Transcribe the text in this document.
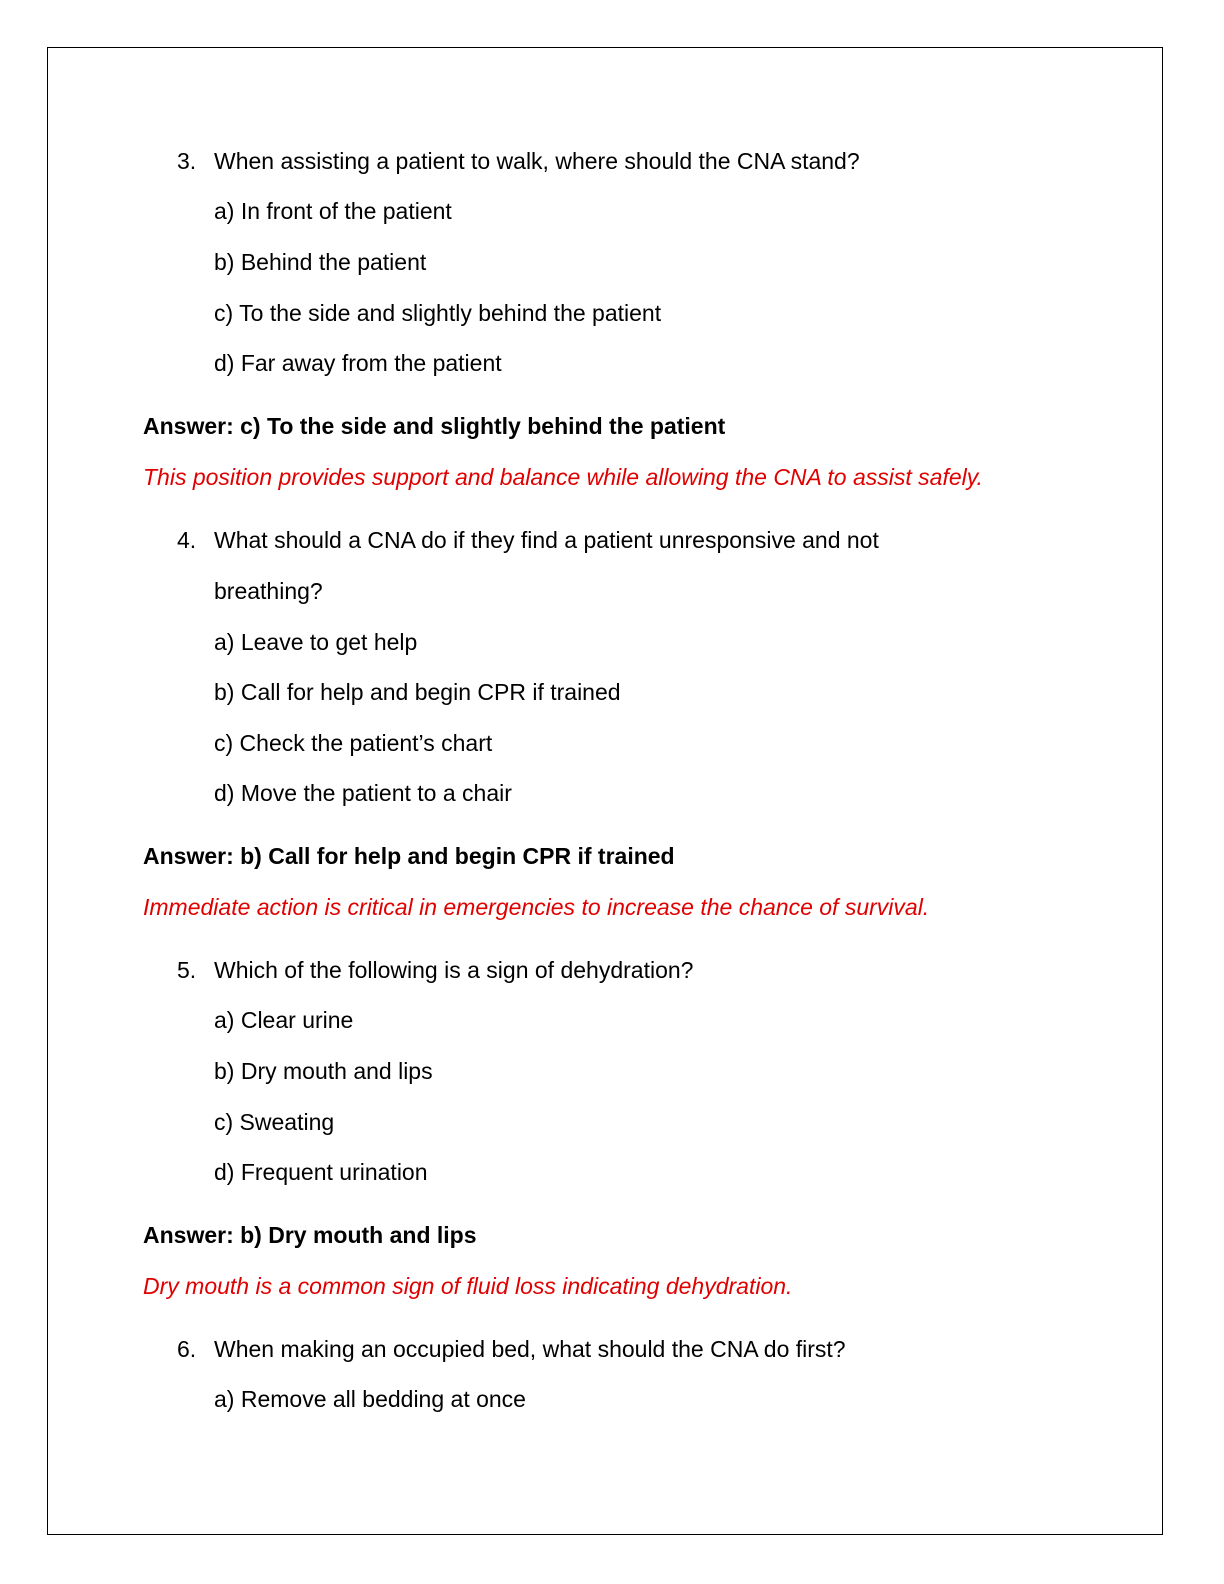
3. When assisting a patient to walk, where should the CNA stand?
a) In front of the patient
b) Behind the patient
c) To the side and slightly behind the patient
d) Far away from the patient
Answer: c) To the side and slightly behind the patient
This position provides support and balance while allowing the CNA to assist safely.
4. What should a CNA do if they find a patient unresponsive and not
breathing?
a) Leave to get help
b) Call for help and begin CPR if trained
c) Check the patient’s chart
d) Move the patient to a chair
Answer: b) Call for help and begin CPR if trained
Immediate action is critical in emergencies to increase the chance of survival.
5. Which of the following is a sign of dehydration?
a) Clear urine
b) Dry mouth and lips
c) Sweating
d) Frequent urination
Answer: b) Dry mouth and lips
Dry mouth is a common sign of fluid loss indicating dehydration.
6. When making an occupied bed, what should the CNA do first?
a) Remove all bedding at once
